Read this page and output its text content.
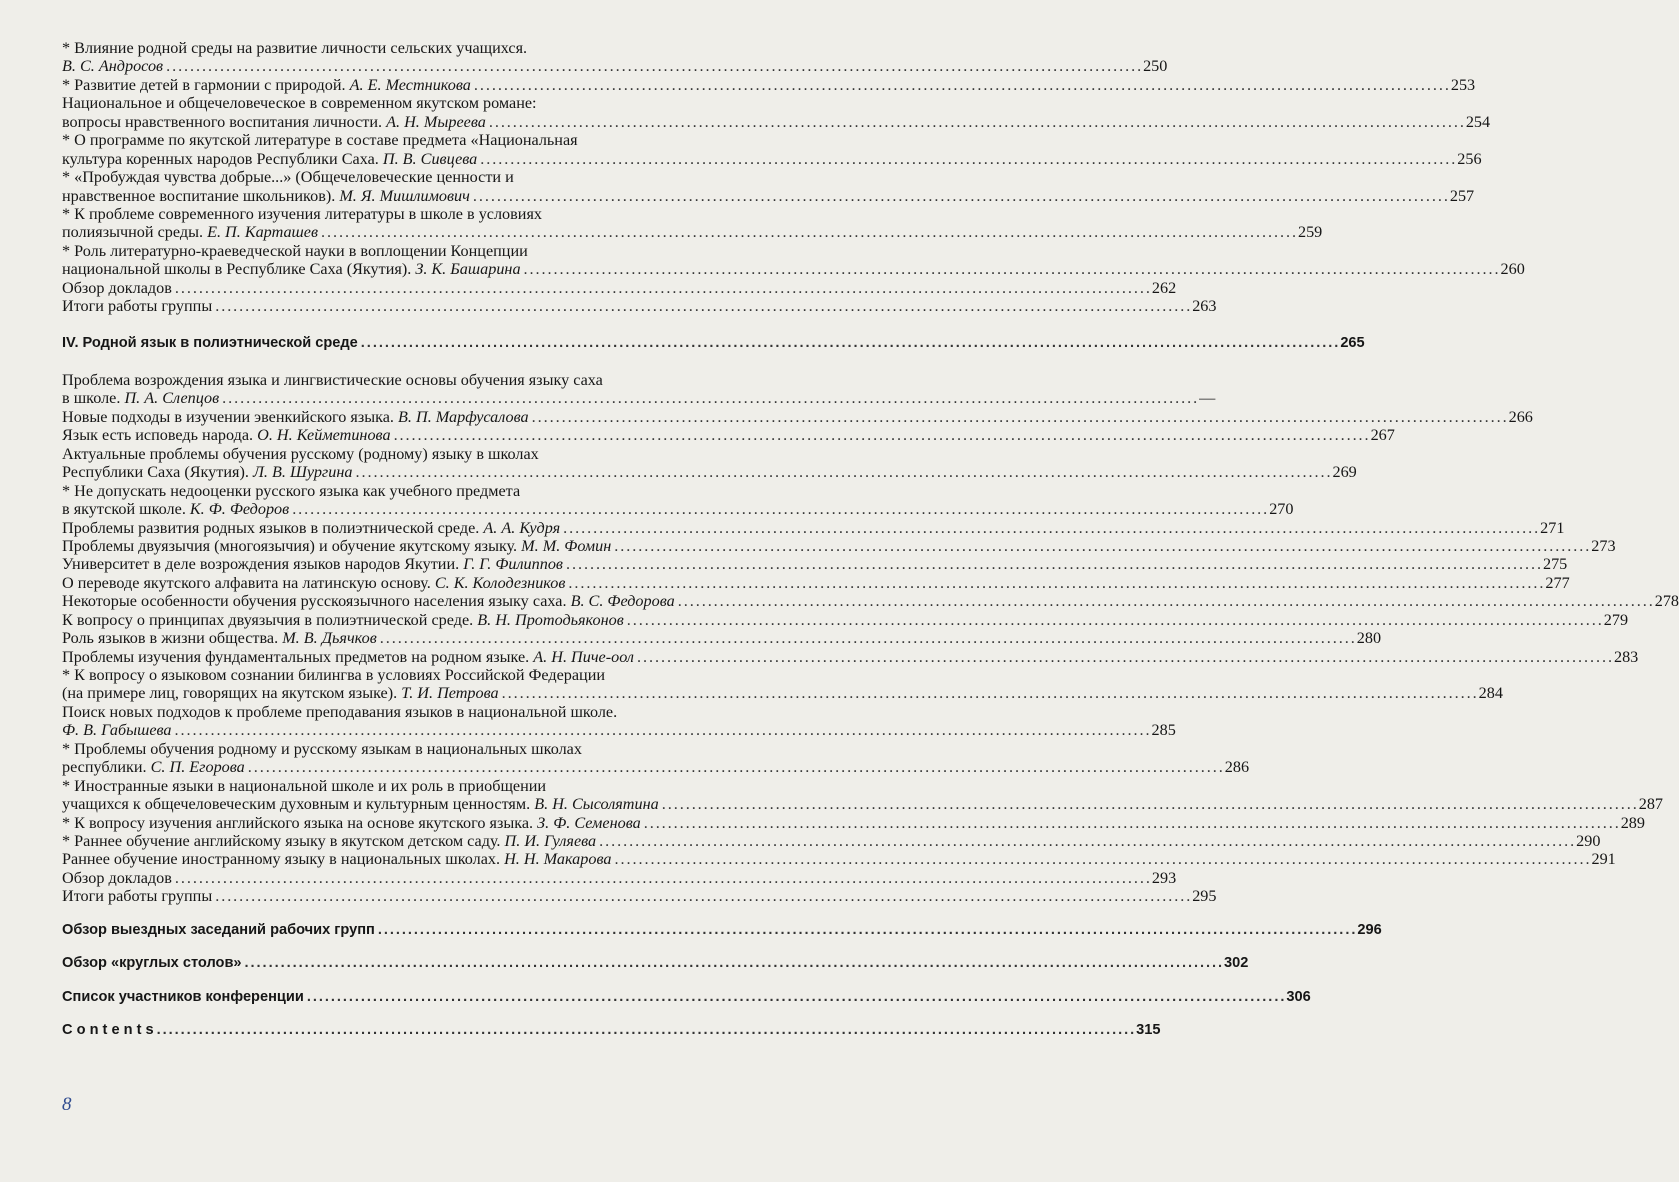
* Влияние родной среды на развитие личности сельских учащихся.
В. С. Андросов . . .	250
* Развитие детей в гармонии с природой. А. Е. Местникова . . .	253
Национальное и общечеловеческое в современном якутском романе:
вопросы нравственного воспитания личности. А. Н. Мыреева . . .	254
* О программе по якутской литературе в составе предмета «Национальная
культура коренных народов Республики Саха. П. В. Сивцева . . .	256
* «Пробуждая чувства добрые...» (Общечеловеческие ценности и
нравственное воспитание школьников). М. Я. Мишлимович . . .	257
* К проблеме современного изучения литературы в школе в условиях
полиязычной среды. Е. П. Карташев . . .	259
* Роль литературно-краеведческой науки в воплощении Концепции
национальной школы в Республике Саха (Якутия). З. К. Башарина . . .	260
Обзор докладов . . .	262
Итоги работы группы . . .	263
IV. Родной язык в полиэтнической среде . . .	265
Проблема возрождения языка и лингвистические основы обучения языку саха
в школе. П. А. Слепцов . . .	—
Новые подходы в изучении эвенкийского языка. В. П. Марфусалова . . .	266
Язык есть исповедь народа. О. Н. Кейметинова . . .	267
Актуальные проблемы обучения русскому (родному) языку в школах
Республики Саха (Якутия). Л. В. Шургина . . .	269
* Не допускать недооценки русского языка как учебного предмета
в якутской школе. К. Ф. Федоров . . .	270
Проблемы развития родных языков в полиэтнической среде. А. А. Кудря . . .	271
Проблемы двуязычия (многоязычия) и обучение якутскому языку. М. М. Фомин . . .	273
Университет в деле возрождения языков народов Якутии. Г. Г. Филиппов . . .	275
О переводе якутского алфавита на латинскую основу. С. К. Колодезников . . .	277
Некоторые особенности обучения русскоязычного населения языку саха. В. С. Федорова . . .	278
К вопросу о принципах двуязычия в полиэтнической среде. В. Н. Протодьяконов . . .	279
Роль языков в жизни общества. М. В. Дьячков . . .	280
Проблемы изучения фундаментальных предметов на родном языке. А. Н. Пиче-оол . . .	283
* К вопросу о языковом сознании билингва в условиях Российской Федерации
(на примере лиц, говорящих на якутском языке). Т. И. Петрова . . .	284
Поиск новых подходов к проблеме преподавания языков в национальной школе.
Ф. В. Габышева . . .	285
* Проблемы обучения родному и русскому языкам в национальных школах
республики. С. П. Егорова . . .	286
* Иностранные языки в национальной школе и их роль в приобщении
учащихся к общечеловеческим духовным и культурным ценностям. В. Н. Сысолятина . . .	287
* К вопросу изучения английского языка на основе якутского языка. З. Ф. Семенова . . .	289
* Раннее обучение английскому языку в якутском детском саду. П. И. Гуляева . . .	290
Раннее обучение иностранному языку в национальных школах. Н. Н. Макарова . . .	291
Обзор докладов . . .	293
Итоги работы группы . . .	295
Обзор выездных заседаний рабочих групп . . .	296
Обзор «круглых столов» . . .	302
Список участников конференции . . .	306
C o n t e n t s . . .	315
8
